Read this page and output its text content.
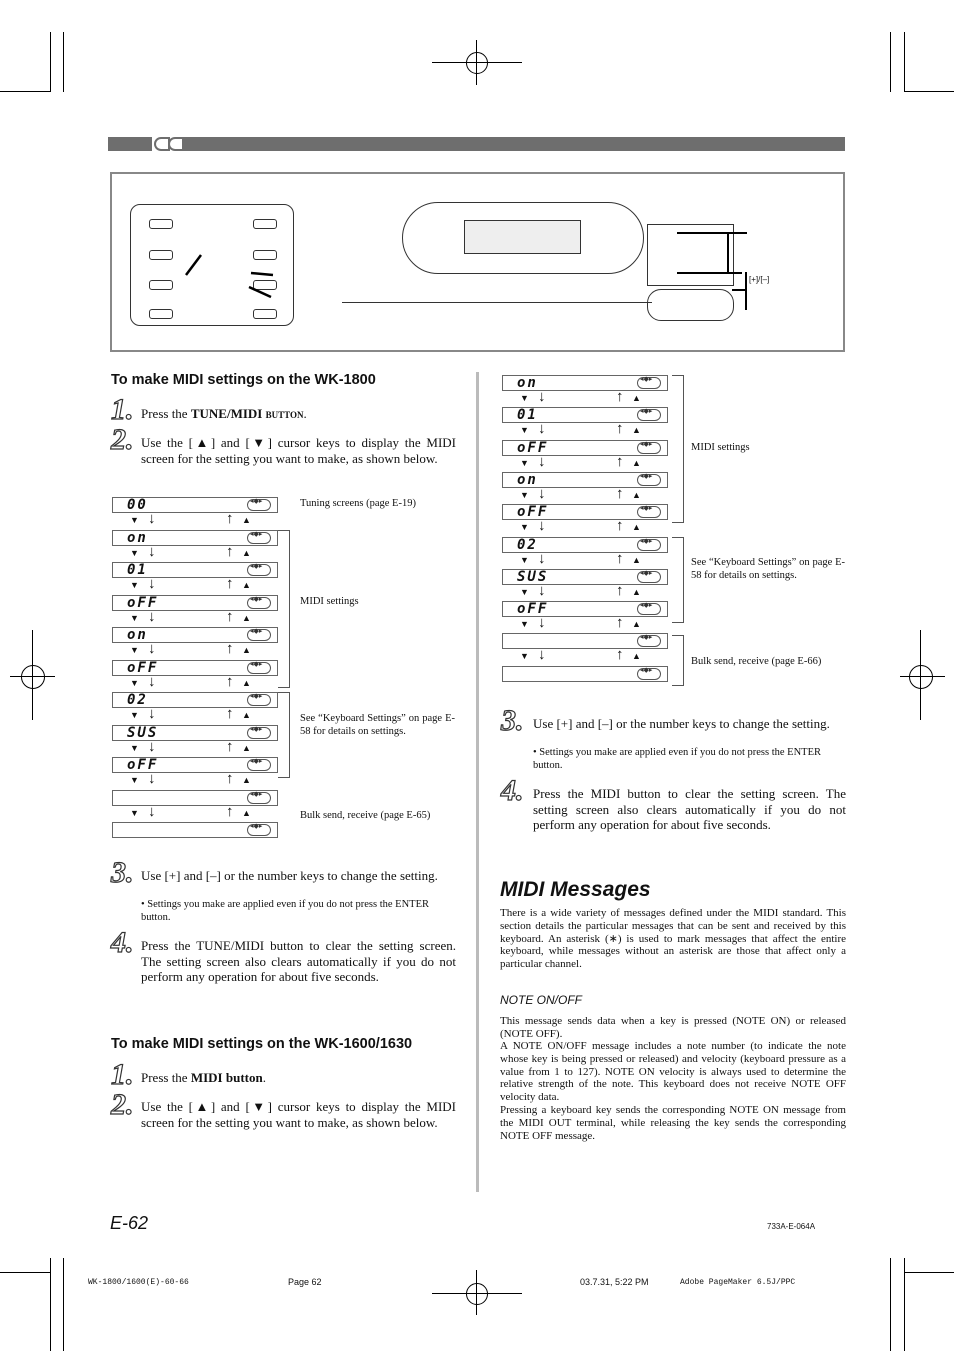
[+]/[–]
To make MIDI settings on the WK-1800
1. Press the TUNE/MIDI button.
2. Use the [▲] and [▼] cursor keys to display the MIDI screen for the setting you want to make, as shown below.
00
◂◆▸
▼ ↓	↑ ▲
on
◂◆▸
▼ ↓	↑ ▲
01
◂◆▸
▼ ↓	↑ ▲
oFF
◂◆▸
▼ ↓	↑ ▲
on
◂◆▸
▼ ↓	↑ ▲
oFF
◂◆▸
▼ ↓	↑ ▲
02
◂◆▸
▼ ↓	↑ ▲
SUS
◂◆▸
▼ ↓	↑ ▲
oFF
◂◆▸
▼ ↓	↑ ▲
◂◆▸
▼ ↓	↑ ▲
◂◆▸
Tuning screens (page E-19)
MIDI settings
See “Keyboard Settings” on page E-58 for details on settings.
Bulk send, receive (page E-65)
3. Use [+] and [–] or the number keys to change the setting.
• Settings you make are applied even if you do not press the ENTER button.
4. Press the TUNE/MIDI button to clear the setting screen. The setting screen also clears automatically if you do not perform any operation for about five seconds.
To make MIDI settings on the WK-1600/1630
1. Press the MIDI button.
2. Use the [▲] and [▼] cursor keys to display the MIDI screen for the setting you want to make, as shown below.
on
◂◆▸
▼ ↓	↑ ▲
01
◂◆▸
▼ ↓	↑ ▲
oFF
◂◆▸
▼ ↓	↑ ▲
on
◂◆▸
▼ ↓	↑ ▲
oFF
◂◆▸
▼ ↓	↑ ▲
02
◂◆▸
▼ ↓	↑ ▲
SUS
◂◆▸
▼ ↓	↑ ▲
oFF
◂◆▸
▼ ↓	↑ ▲
◂◆▸
▼ ↓	↑ ▲
◂◆▸
MIDI settings
See “Keyboard Settings” on page E-58 for details on settings.
Bulk send, receive (page E-66)
3. Use [+] and [–] or the number keys to change the setting.
• Settings you make are applied even if you do not press the ENTER button.
4. Press the MIDI button to clear the setting screen. The setting screen also clears automatically if you do not perform any operation for about five seconds.
MIDI Messages
There is a wide variety of messages defined under the MIDI standard. This section details the particular messages that can be sent and received by this keyboard. An asterisk (∗) is used to mark messages that affect the entire keyboard, while messages without an asterisk are those that affect only a particular channel.
NOTE ON/OFF
This message sends data when a key is pressed (NOTE ON) or released (NOTE OFF).
A NOTE ON/OFF message includes a note number (to indicate the note whose key is being pressed or released) and velocity (keyboard pressure as a value from 1 to 127). NOTE ON velocity is always used to determine the relative strength of the note. This keyboard does not receive NOTE OFF velocity data.
Pressing a keyboard key sends the corresponding NOTE ON message from the MIDI OUT terminal, while releasing the key sends the corresponding NOTE OFF message.
E-62	733A-E-064A
WK-1800/1600(E)-60-66	Page 62	03.7.31, 5:22 PM	Adobe PageMaker 6.5J/PPC
